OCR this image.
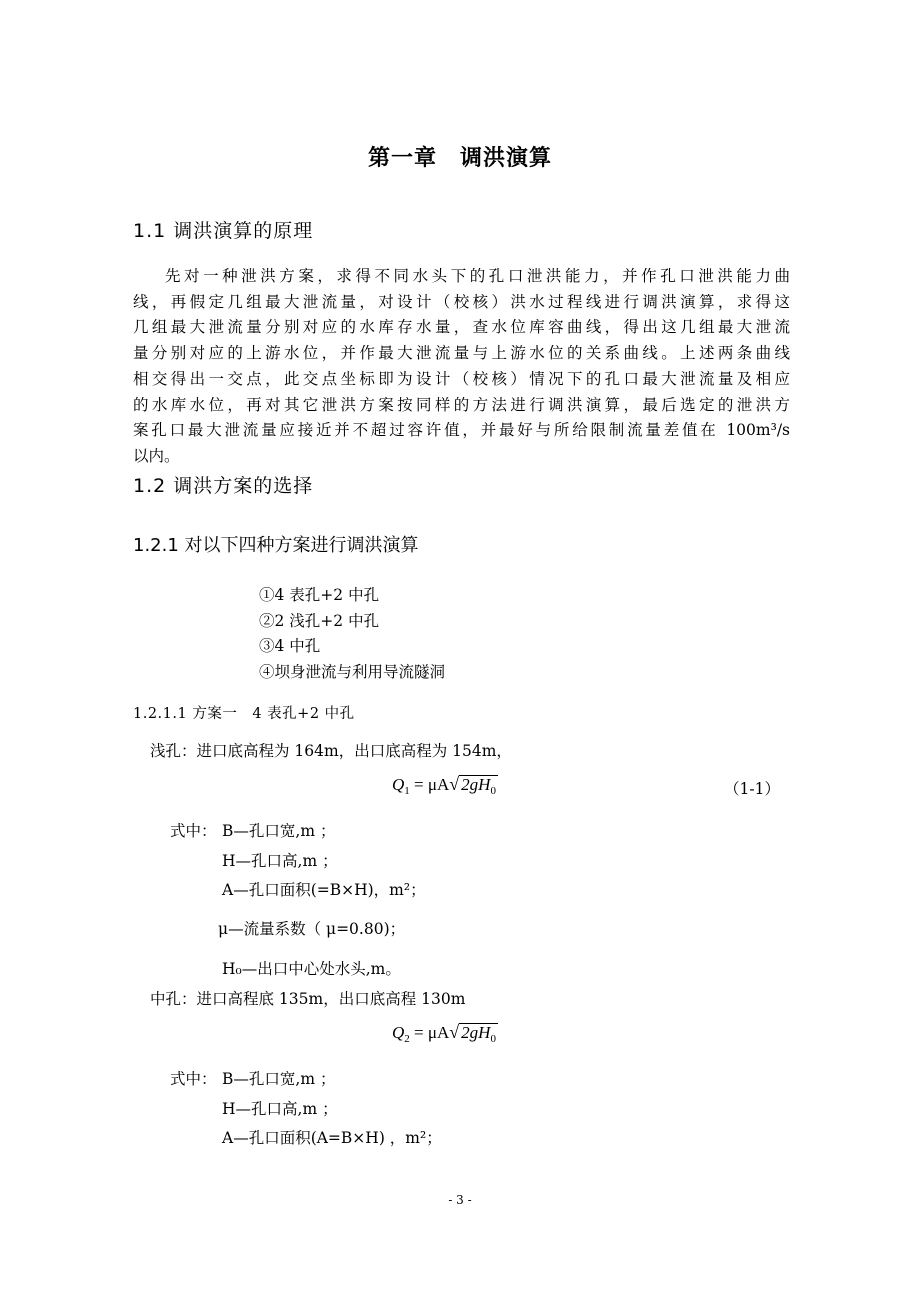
第一章　调洪演算
1.1 调洪演算的原理
先对一种泄洪方案，求得不同水头下的孔口泄洪能力，并作孔口泄洪能力曲
线，再假定几组最大泄流量，对设计（校核）洪水过程线进行调洪演算，求得这
几组最大泄流量分别对应的水库存水量，查水位库容曲线，得出这几组最大泄流
量分别对应的上游水位，并作最大泄流量与上游水位的关系曲线。上述两条曲线
相交得出一交点，此交点坐标即为设计（校核）情况下的孔口最大泄流量及相应
的水库水位，再对其它泄洪方案按同样的方法进行调洪演算，最后选定的泄洪方
案孔口最大泄流量应接近并不超过容许值，并最好与所给限制流量差值在 100m³/s
以内。
1.2 调洪方案的选择
1.2.1 对以下四种方案进行调洪演算
①4 表孔+2 中孔
②2 浅孔+2 中孔
③4 中孔
④坝身泄流与利用导流隧洞
1.2.1.1 方案一　4 表孔+2 中孔
浅孔：进口底高程为 164m，出口底高程为 154m，
$Q_1 = \mu A√$ $2gH_0$	（1-1）
式中： B—孔口宽,m ；
H—孔口高,m ；
A—孔口面积(=B×H)，m²；
μ—流量系数（ μ=0.80)；
H₀—出口中心处水头,m。
中孔：进口高程底 135m，出口底高程 130m
$Q_2 = \mu A√$ $2gH_0$
式中： B—孔口宽,m ；
H—孔口高,m ；
A—孔口面积(A=B×H) ，m²；
- 3 -
